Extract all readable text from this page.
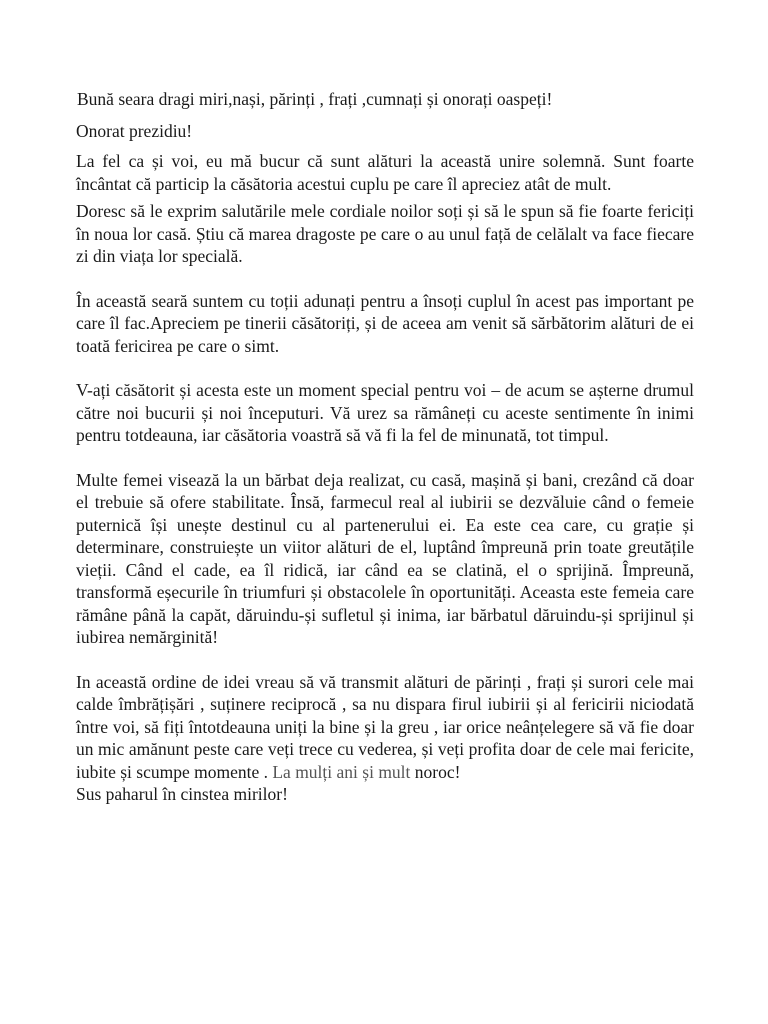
Bună seara dragi miri,nași, părinți , frați ,cumnați și onorați oaspeți!

Onorat prezidiu!

La fel ca și voi, eu mă bucur că sunt alături la această unire solemnă. Sunt foarte încântat că particip la căsătoria acestui cuplu pe care îl apreciez atât de mult.

Doresc să le exprim salutările mele cordiale noilor soți și să le spun să fie foarte fericiți în noua lor casă. Știu că marea dragoste pe care o au unul față de celălalt va face fiecare zi din viața lor specială.

În această seară suntem cu toții adunați pentru a însoți cuplul în acest pas important pe care îl fac.Apreciem pe tinerii căsătoriți, și de aceea am venit să sărbătorim alături de ei toată fericirea pe care o simt.

V-ați căsătorit și acesta este un moment special pentru voi – de acum se așterne drumul către noi bucurii și noi începuturi. Vă urez sa rămâneți cu aceste sentimente în inimi pentru totdeauna, iar căsătoria voastră să vă fi la fel de minunată, tot timpul.

Multe femei visează la un bărbat deja realizat, cu casă, mașină și bani, crezând că doar el trebuie să ofere stabilitate. Însă, farmecul real al iubirii se dezvăluie când o femeie puternică își unește destinul cu al partenerului ei. Ea este cea care, cu grație și determinare, construiește un viitor alături de el, luptând împreună prin toate greutățile vieții. Când el cade, ea îl ridică, iar când ea se clatină, el o sprijină. Împreună, transformă eșecurile în triumfuri și obstacolele în oportunități. Aceasta este femeia care rămâne până la capăt, dăruindu-și sufletul și inima, iar bărbatul dăruindu-și sprijinul și iubirea nemărginită!

In această ordine de idei vreau să vă transmit alături de părinți , frați și surori cele mai calde îmbrățișări , suținere reciprocă , sa nu dispara firul iubirii și al fericirii niciodată între voi, să fiți întotdeauna uniți la bine și la greu , iar orice neânțelegere să vă fie doar un mic amănunt peste care veți trece cu vederea, și veți profita doar de cele mai fericite, iubite și scumpe momente . La mulți ani și mult noroc!

Sus paharul în cinstea mirilor!
